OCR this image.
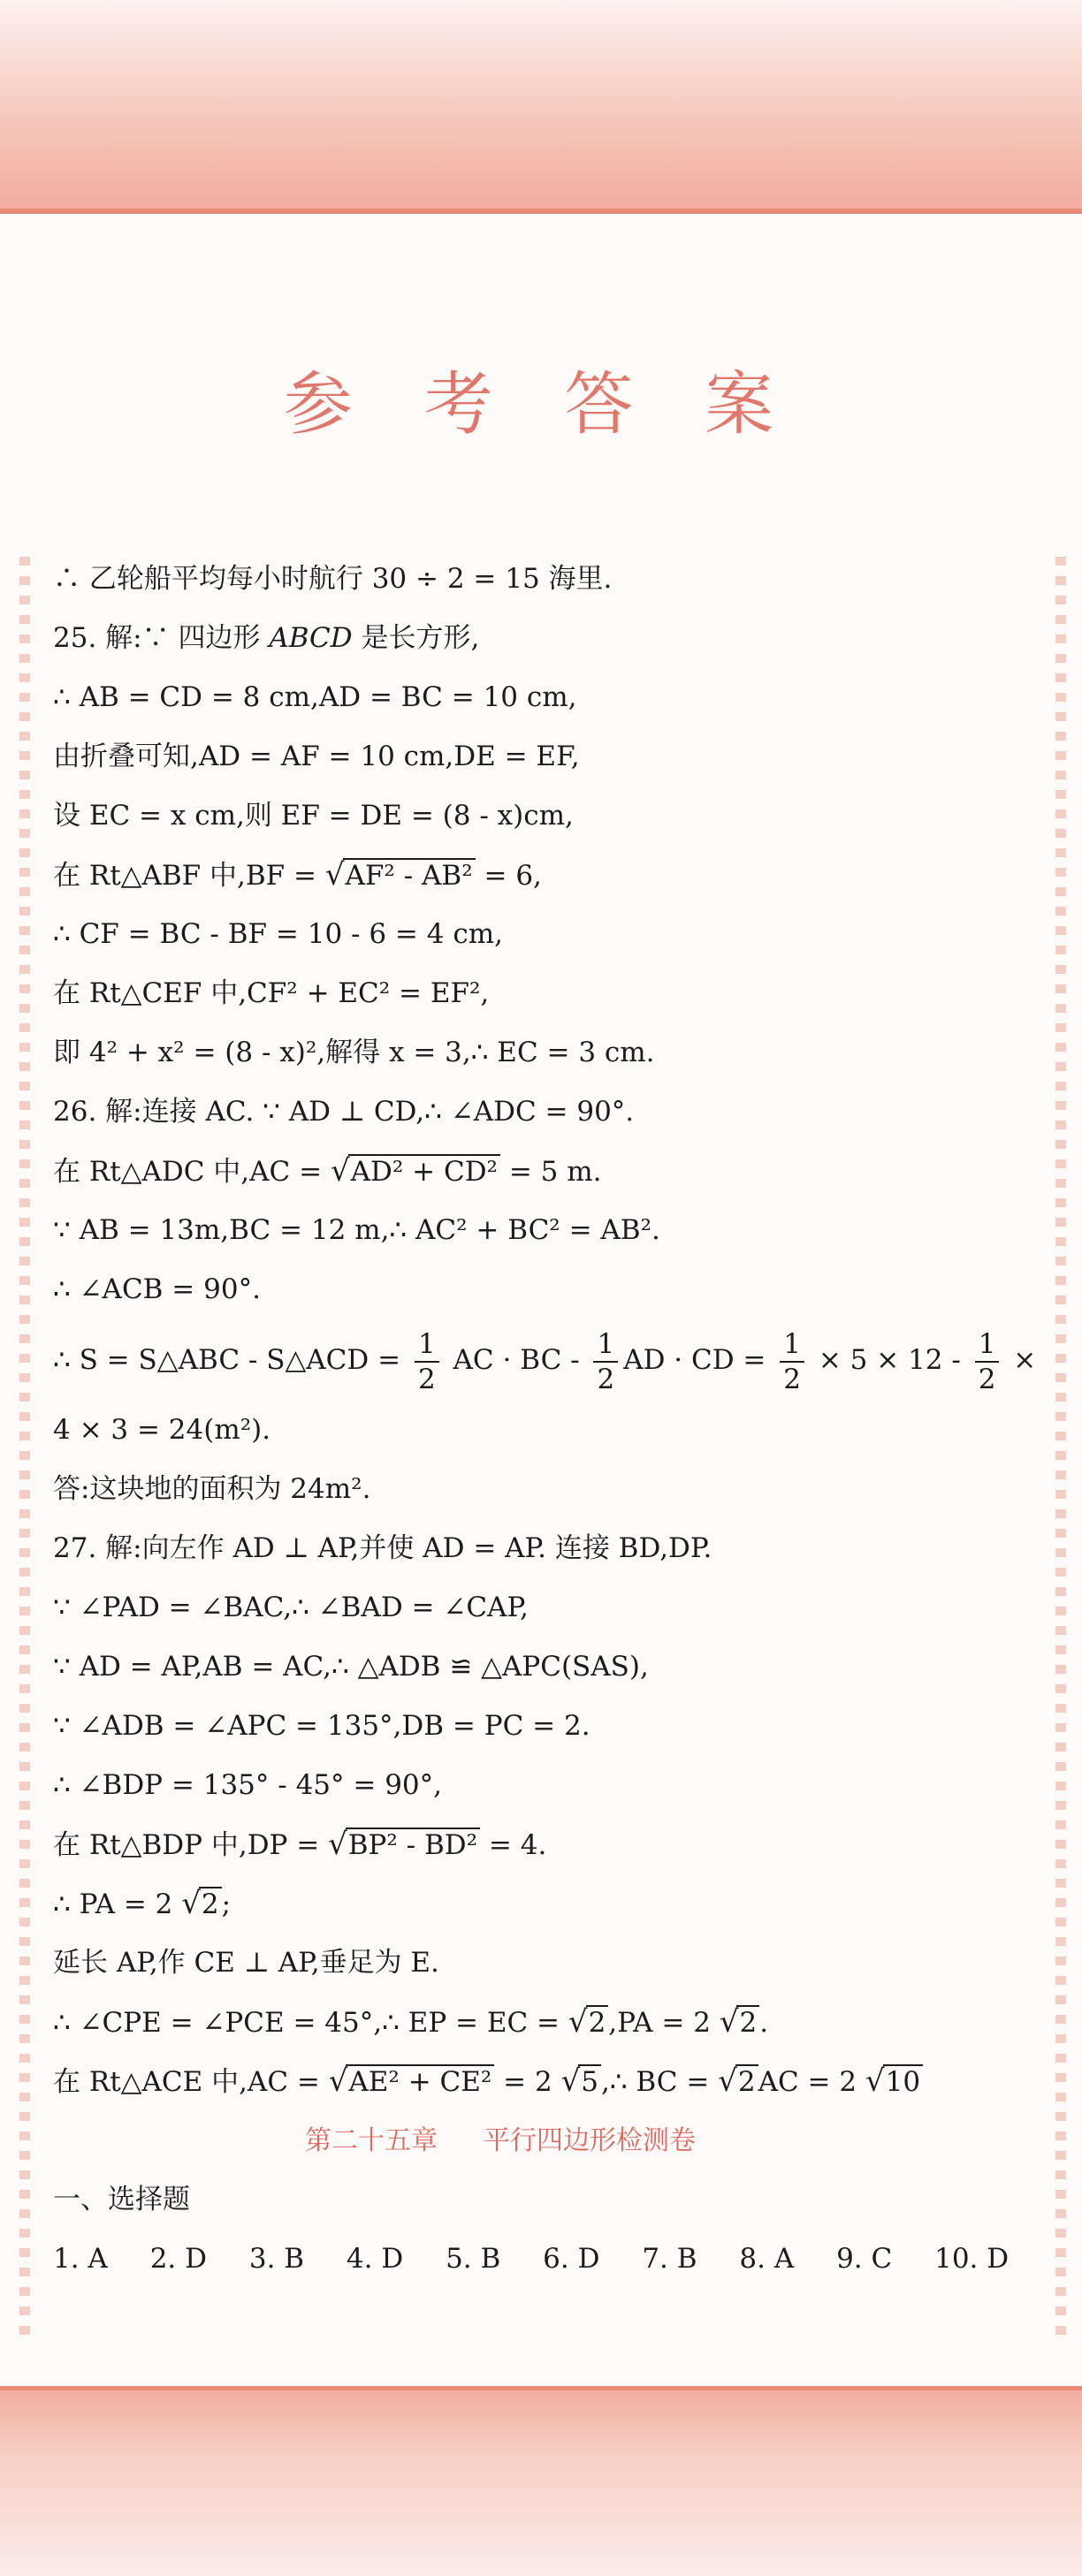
参 考 答 案
∴ 乙轮船平均每小时航行 30 ÷ 2 = 15 海里.
25. 解:∵ 四边形 ABCD 是长方形,
∴ AB = CD = 8 cm,AD = BC = 10 cm,
由折叠可知,AD = AF = 10 cm,DE = EF,
设 EC = x cm,则 EF = DE = (8 - x)cm,
在 Rt△ABF 中,BF = √AF² - AB² = 6,
∴ CF = BC - BF = 10 - 6 = 4 cm,
在 Rt△CEF 中,CF² + EC² = EF²,
即 4² + x² = (8 - x)²,解得 x = 3,∴ EC = 3 cm.
26. 解:连接 AC. ∵ AD ⊥ CD,∴ ∠ADC = 90°.
在 Rt△ADC 中,AC = √AD² + CD² = 5 m.
∵ AB = 13m,BC = 12 m,∴ AC² + BC² = AB².
∴ ∠ACB = 90°.
∴ S = S△ABC - S△ACD = $\frac{1}{2}$ AC · BC - $\frac{1}{2}$ AD · CD = $\frac{1}{2} \times 5 \times 12 - \frac{1}{2}$ ×
4 × 3 = 24(m²).
答:这块地的面积为 24m².
27. 解:向左作 AD ⊥ AP,并使 AD = AP. 连接 BD,DP.
∵ ∠PAD = ∠BAC,∴ ∠BAD = ∠CAP,
∵ AD = AP,AB = AC,∴ △ADB ≌ △APC(SAS),
∵ ∠ADB = ∠APC = 135°,DB = PC = 2.
∴ ∠BDP = 135° - 45° = 90°,
在 Rt△BDP 中,DP = √BP² - BD² = 4.
∴ PA = 2 √2;
延长 AP,作 CE ⊥ AP,垂足为 E.
∴ ∠CPE = ∠PCE = 45°,∴ EP = EC = √2,PA = 2 √2.
在 Rt△ACE 中,AC = √AE² + CE² = 2 √5,∴ BC = √2AC = 2 √10
第二十五章 平行四边形检测卷
一、选择题
1. A 2. D 3. B 4. D 5. B 6. D 7. B 8. A 9. C 10. D
